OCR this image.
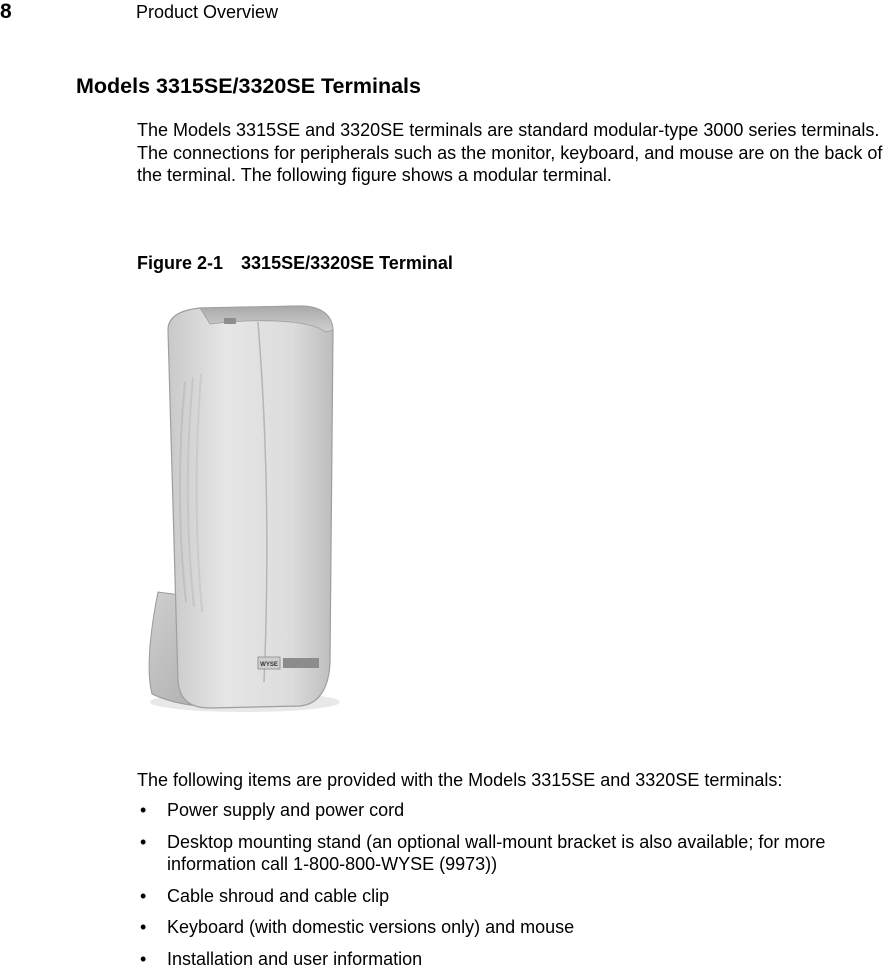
8	Product Overview
Models 3315SE/3320SE Terminals
The Models 3315SE and 3320SE terminals are standard modular-type 3000 series terminals. The connections for peripherals such as the monitor, keyboard, and mouse are on the back of the terminal. The following figure shows a modular terminal.
Figure 2-1 3315SE/3320SE Terminal
WYSE
The following items are provided with the Models 3315SE and 3320SE terminals:
• Power supply and power cord
• Desktop mounting stand (an optional wall-mount bracket is also available; for more information call 1-800-800-WYSE (9973))
• Cable shroud and cable clip
• Keyboard (with domestic versions only) and mouse
• Installation and user information
